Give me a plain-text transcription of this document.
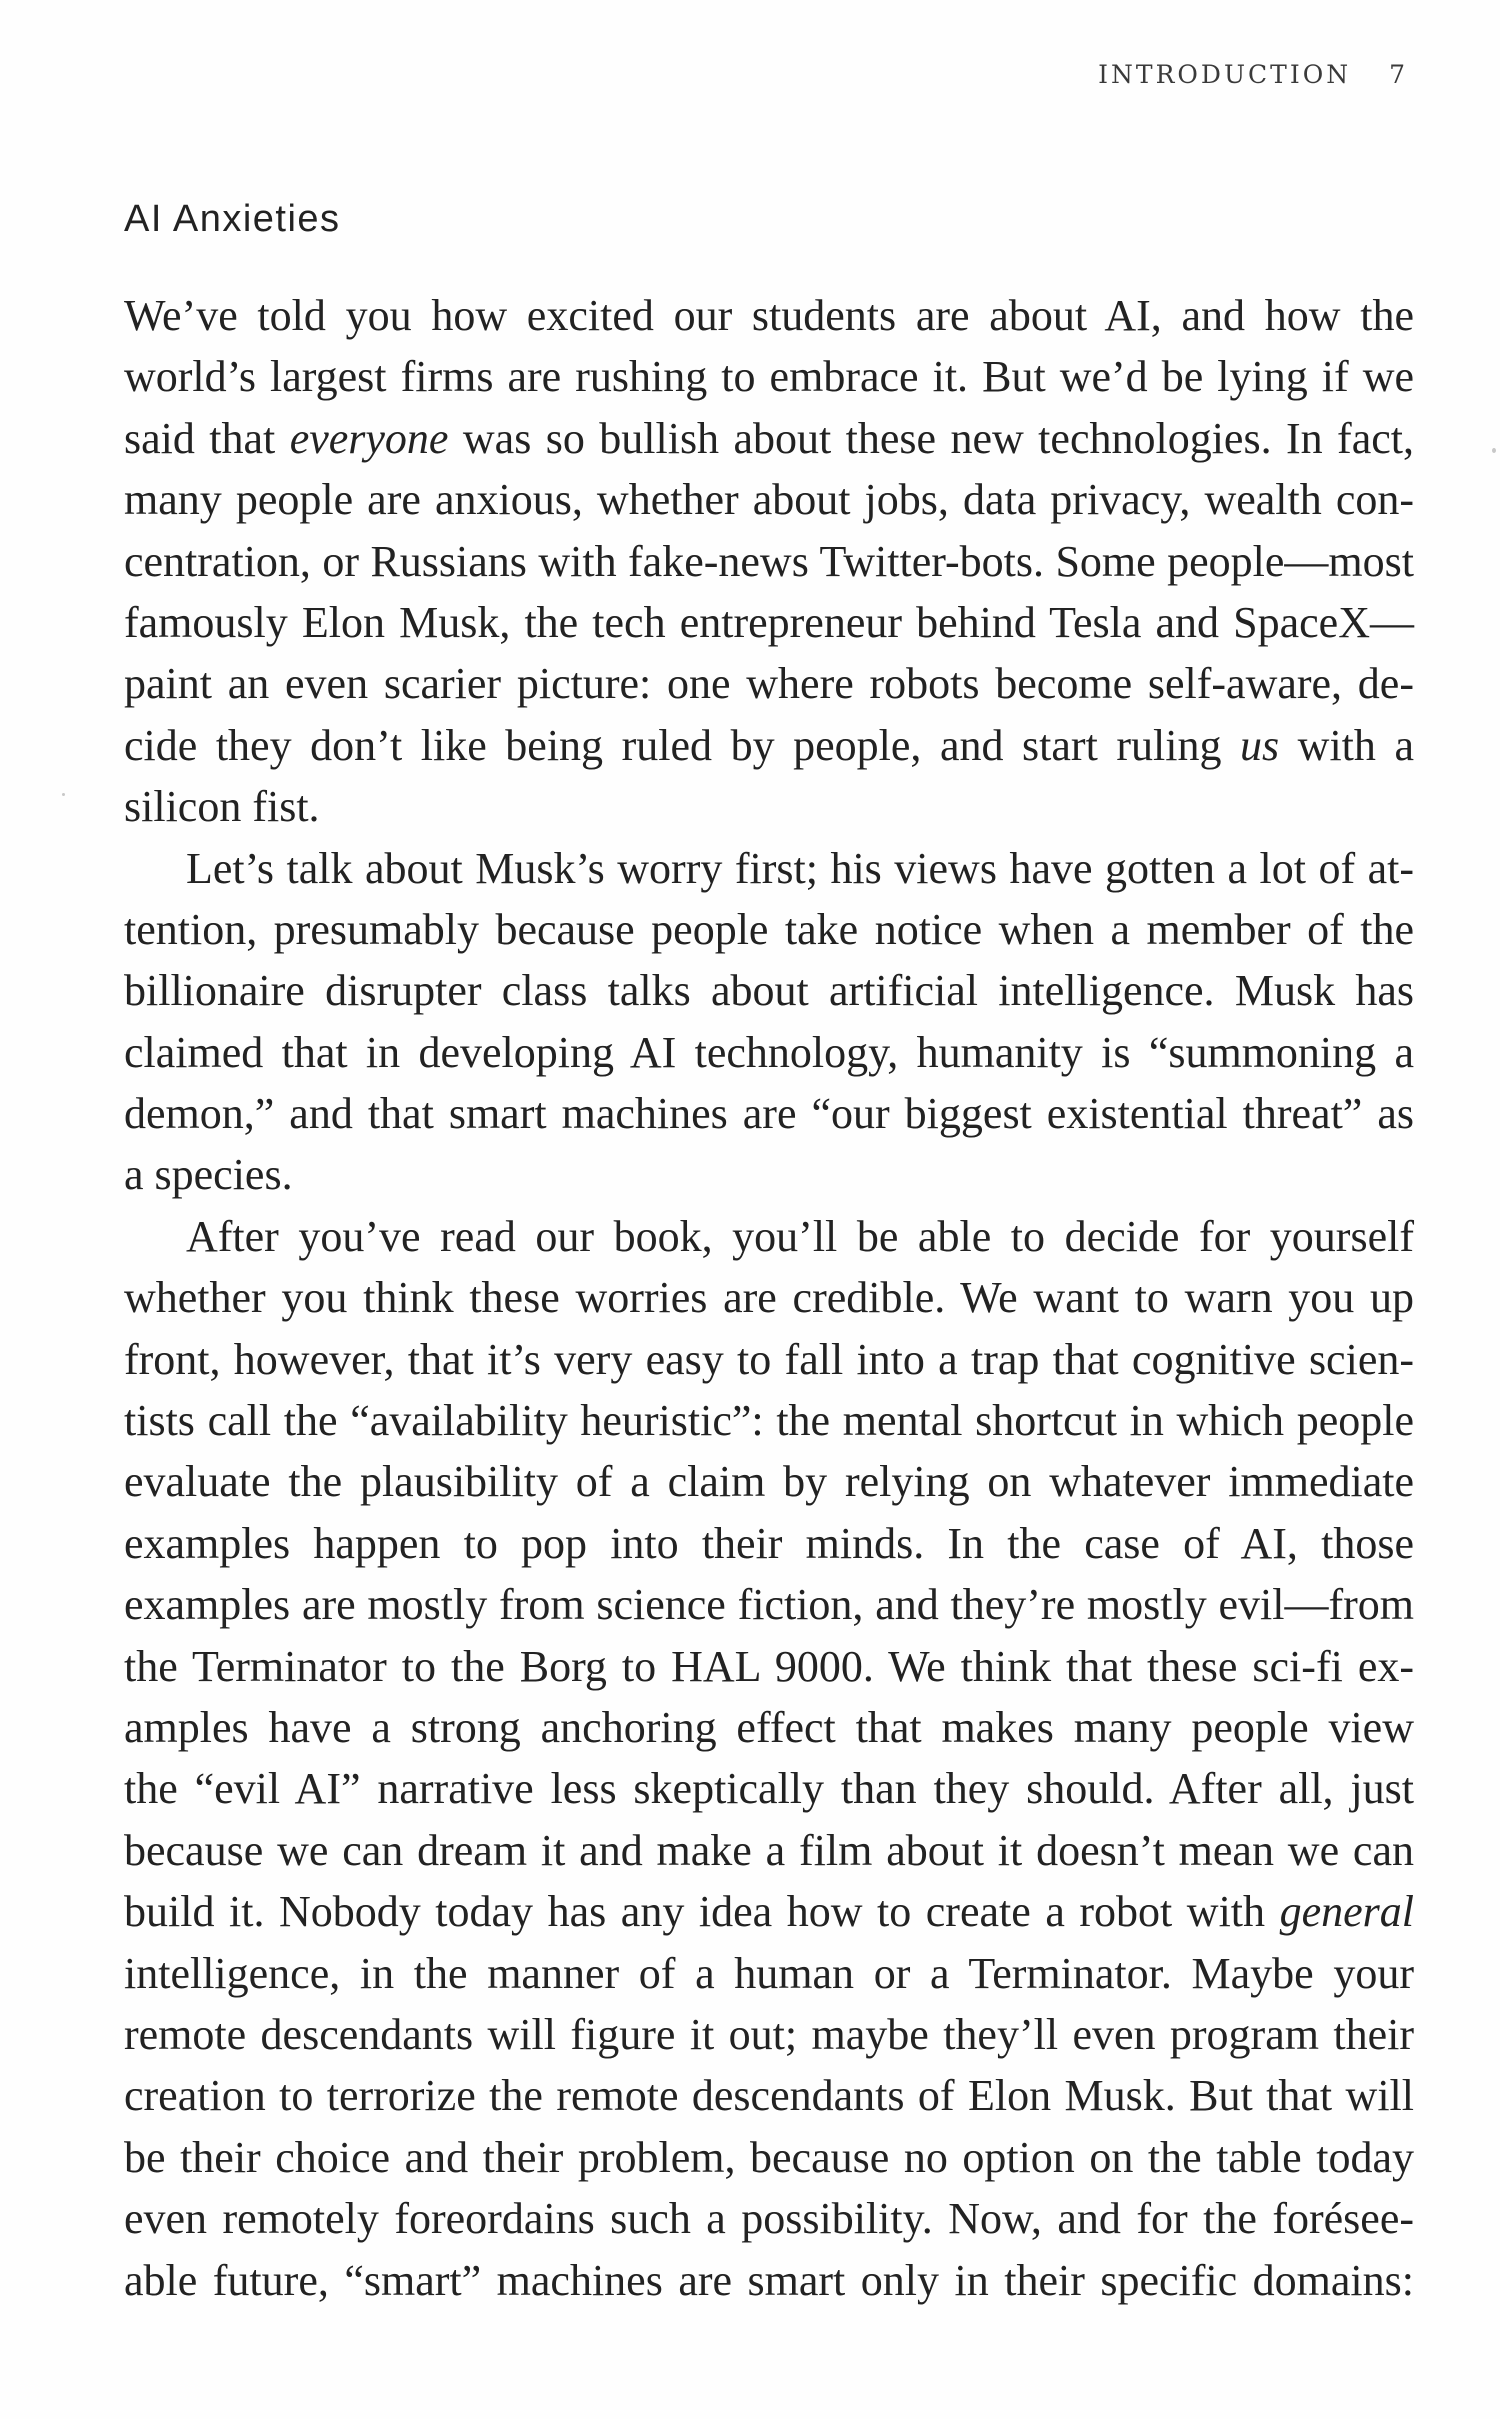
INTRODUCTION 7
AI Anxieties
We’ve told you how excited our students are about AI, and how the
world’s largest firms are rushing to embrace it. But we’d be lying if we
said that everyone was so bullish about these new technologies. In fact,
many people are anxious, whether about jobs, data privacy, wealth con-
centration, or Russians with fake-news Twitter-bots. Some people—most
famously Elon Musk, the tech entrepreneur behind Tesla and SpaceX—
paint an even scarier picture: one where robots become self-aware, de-
cide they don’t like being ruled by people, and start ruling us with a
silicon fist.
Let’s talk about Musk’s worry first; his views have gotten a lot of at-
tention, presumably because people take notice when a member of the
billionaire disrupter class talks about artificial intelligence. Musk has
claimed that in developing AI technology, humanity is “summoning a
demon,” and that smart machines are “our biggest existential threat” as
a species.
After you’ve read our book, you’ll be able to decide for yourself
whether you think these worries are credible. We want to warn you up
front, however, that it’s very easy to fall into a trap that cognitive scien-
tists call the “availability heuristic”: the mental shortcut in which people
evaluate the plausibility of a claim by relying on whatever immediate
examples happen to pop into their minds. In the case of AI, those
examples are mostly from science fiction, and they’re mostly evil—from
the Terminator to the Borg to HAL 9000. We think that these sci-fi ex-
amples have a strong anchoring effect that makes many people view
the “evil AI” narrative less skeptically than they should. After all, just
because we can dream it and make a film about it doesn’t mean we can
build it. Nobody today has any idea how to create a robot with general
intelligence, in the manner of a human or a Terminator. Maybe your
remote descendants will figure it out; maybe they’ll even program their
creation to terrorize the remote descendants of Elon Musk. But that will
be their choice and their problem, because no option on the table today
even remotely foreordains such a possibility. Now, and for the forésee-
able future, “smart” machines are smart only in their specific domains:
